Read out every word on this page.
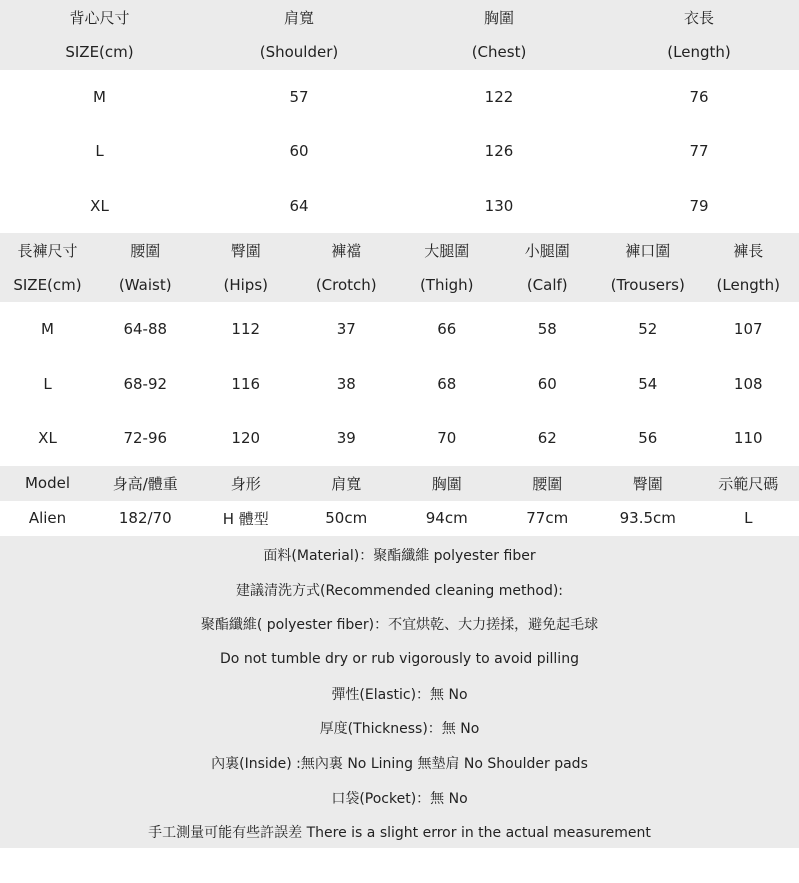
背心尺寸	肩寬	胸圍	衣長
SIZE(cm)	(Shoulder)	(Chest)	(Length)
M	57	122	76
L	60	126	77
XL	64	130	79
長褲尺寸	腰圍	臀圍	褲襠	大腿圍	小腿圍	褲口圍	褲長
SIZE(cm)	(Waist)	(Hips)	(Crotch)	(Thigh)	(Calf)	(Trousers)	(Length)
M	64-88	112	37	66	58	52	107
L	68-92	116	38	68	60	54	108
XL	72-96	120	39	70	62	56	110
Model	身高/體重	身形	肩寬	胸圍	腰圍	臀圍	示範尺碼
Alien	182/70	H 體型	50cm	94cm	77cm	93.5cm	L
面料(Material)：聚酯纖維 polyester fiber
建議清洗方式(Recommended cleaning method):
聚酯纖維( polyester fiber)：不宜烘乾、大力搓揉，避免起毛球
Do not tumble dry or rub vigorously to avoid pilling
彈性(Elastic)：無 No
厚度(Thickness)：無 No
內裏(Inside) :無內裏 No Lining 無墊肩 No Shoulder pads
口袋(Pocket)：無 No
手工測量可能有些許誤差 There is a slight error in the actual measurement
